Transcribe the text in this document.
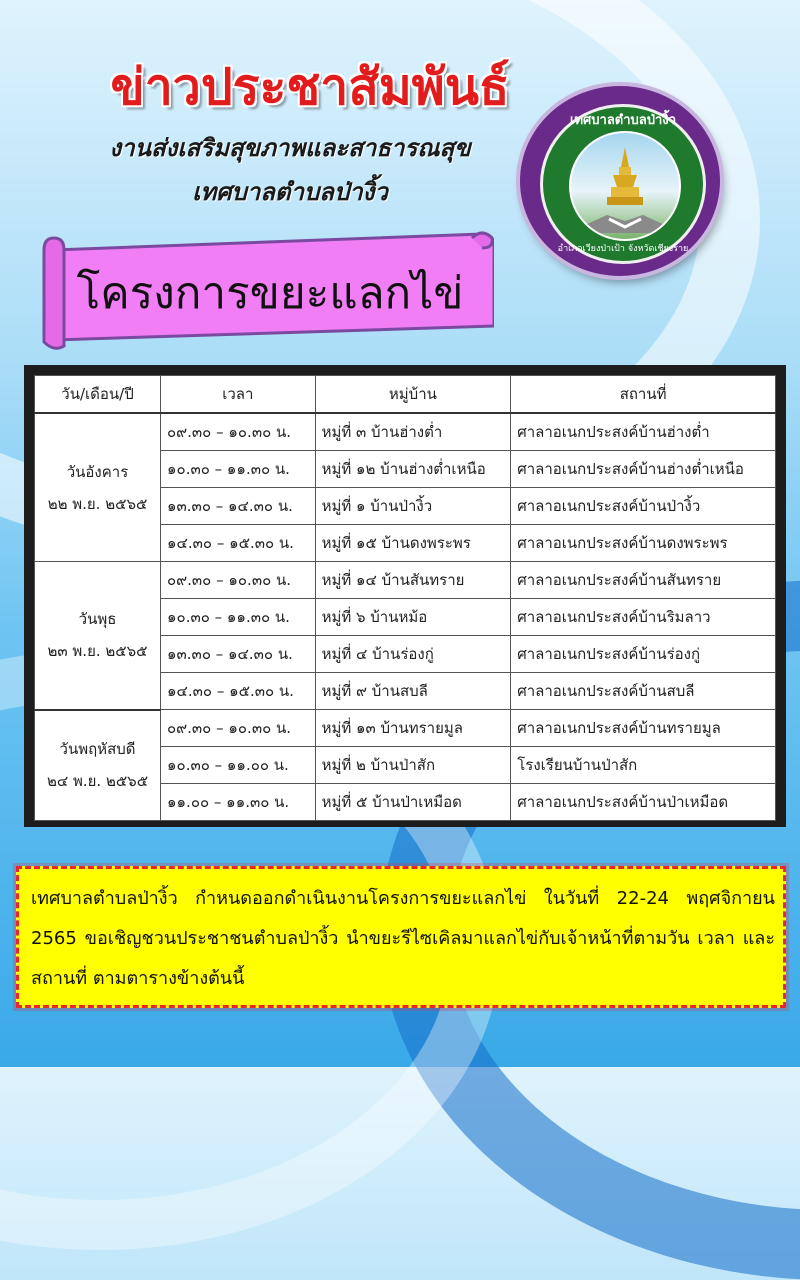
ข่าวประชาสัมพันธ์
งานส่งเสริมสุขภาพและสาธารณสุข
เทศบาลตำบลป่างิ้ว
เทศบาลตำบลป่างิ้ว
อำเภอเวียงป่าเป้า จังหวัดเชียงราย
โครงการขยะแลกไข่
วัน/เดือน/ปี	เวลา	หมู่บ้าน	สถานที่

วันอังคาร
๒๒ พ.ย. ๒๕๖๕	๐๙.๓๐ – ๑๐.๓๐ น.	หมู่ที่ ๓ บ้านฮ่างต่ำ	ศาลาอเนกประสงค์บ้านฮ่างต่ำ
	๑๐.๓๐ – ๑๑.๓๐ น.	หมู่ที่ ๑๒ บ้านฮ่างต่ำเหนือ	ศาลาอเนกประสงค์บ้านฮ่างต่ำเหนือ
	๑๓.๓๐ – ๑๔.๓๐ น.	หมู่ที่ ๑ บ้านป่างิ้ว	ศาลาอเนกประสงค์บ้านป่างิ้ว
	๑๔.๓๐ – ๑๕.๓๐ น.	หมู่ที่ ๑๕ บ้านดงพระพร	ศาลาอเนกประสงค์บ้านดงพระพร

วันพุธ
๒๓ พ.ย. ๒๕๖๕	๐๙.๓๐ – ๑๐.๓๐ น.	หมู่ที่ ๑๔ บ้านสันทราย	ศาลาอเนกประสงค์บ้านสันทราย
	๑๐.๓๐ – ๑๑.๓๐ น.	หมู่ที่ ๖ บ้านหม้อ	ศาลาอเนกประสงค์บ้านริมลาว
	๑๓.๓๐ – ๑๔.๓๐ น.	หมู่ที่ ๔ บ้านร่องกู่	ศาลาอเนกประสงค์บ้านร่องกู่
	๑๔.๓๐ – ๑๕.๓๐ น.	หมู่ที่ ๙ บ้านสบลี	ศาลาอเนกประสงค์บ้านสบลี

วันพฤหัสบดี
๒๔ พ.ย. ๒๕๖๕	๐๙.๓๐ – ๑๐.๓๐ น.	หมู่ที่ ๑๓ บ้านทรายมูล	ศาลาอเนกประสงค์บ้านทรายมูล
	๑๐.๓๐ – ๑๑.๐๐ น.	หมู่ที่ ๒ บ้านป่าสัก	โรงเรียนบ้านป่าสัก
	๑๑.๐๐ – ๑๑.๓๐ น.	หมู่ที่ ๕ บ้านป่าเหมือด	ศาลาอเนกประสงค์บ้านป่าเหมือด

เทศบาลตำบลป่างิ้ว กำหนดออกดำเนินงานโครงการขยะแลกไข่ ในวันที่ 22-24 พฤศจิกายน 2565 ขอเชิญชวนประชาชนตำบลป่างิ้ว นำขยะรีไซเคิลมาแลกไข่กับเจ้าหน้าที่ตามวัน เวลา และสถานที่ ตามตารางข้างต้นนี้
